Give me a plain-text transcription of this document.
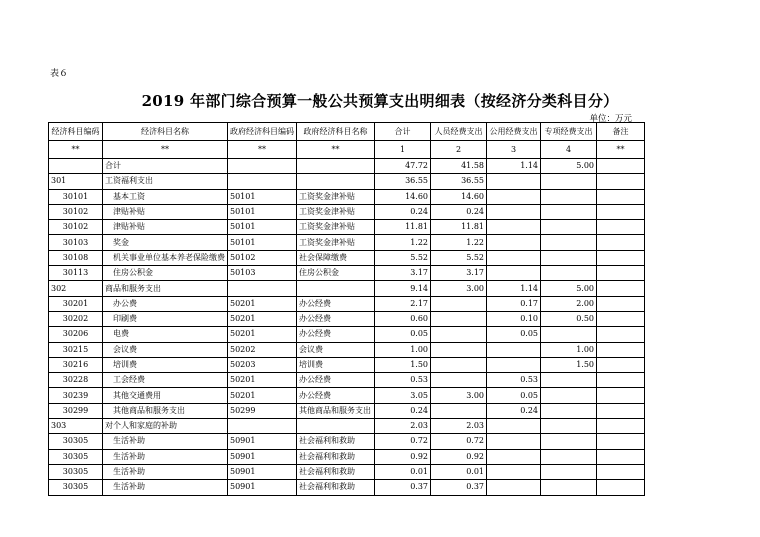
表６
2019 年部门综合预算一般公共预算支出明细表（按经济分类科目分）
单位：万元
经济科目编码	经济科目名称	政府经济科目编码	政府经济科目名称	合计	人员经费支出	公用经费支出	专项经费支出	备注
**	**	**	**	1	2	3	4	**
	合计			47.72	41.58	1.14	5.00	
301	工资福利支出			36.55	36.55			
30101	基本工资	50101	工资奖金津补贴	14.60	14.60			
30102	津贴补贴	50101	工资奖金津补贴	0.24	0.24			
30102	津贴补贴	50101	工资奖金津补贴	11.81	11.81			
30103	奖金	50101	工资奖金津补贴	1.22	1.22			
30108	机关事业单位基本养老保险缴费	50102	社会保障缴费	5.52	5.52			
30113	住房公积金	50103	住房公积金	3.17	3.17			
302	商品和服务支出			9.14	3.00	1.14	5.00	
30201	办公费	50201	办公经费	2.17		0.17	2.00	
30202	印刷费	50201	办公经费	0.60		0.10	0.50	
30206	电费	50201	办公经费	0.05		0.05		
30215	会议费	50202	会议费	1.00			1.00	
30216	培训费	50203	培训费	1.50			1.50	
30228	工会经费	50201	办公经费	0.53		0.53		
30239	其他交通费用	50201	办公经费	3.05	3.00	0.05		
30299	其他商品和服务支出	50299	其他商品和服务支出	0.24		0.24		
303	对个人和家庭的补助			2.03	2.03			
30305	生活补助	50901	社会福利和救助	0.72	0.72			
30305	生活补助	50901	社会福利和救助	0.92	0.92			
30305	生活补助	50901	社会福利和救助	0.01	0.01			
30305	生活补助	50901	社会福利和救助	0.37	0.37			
